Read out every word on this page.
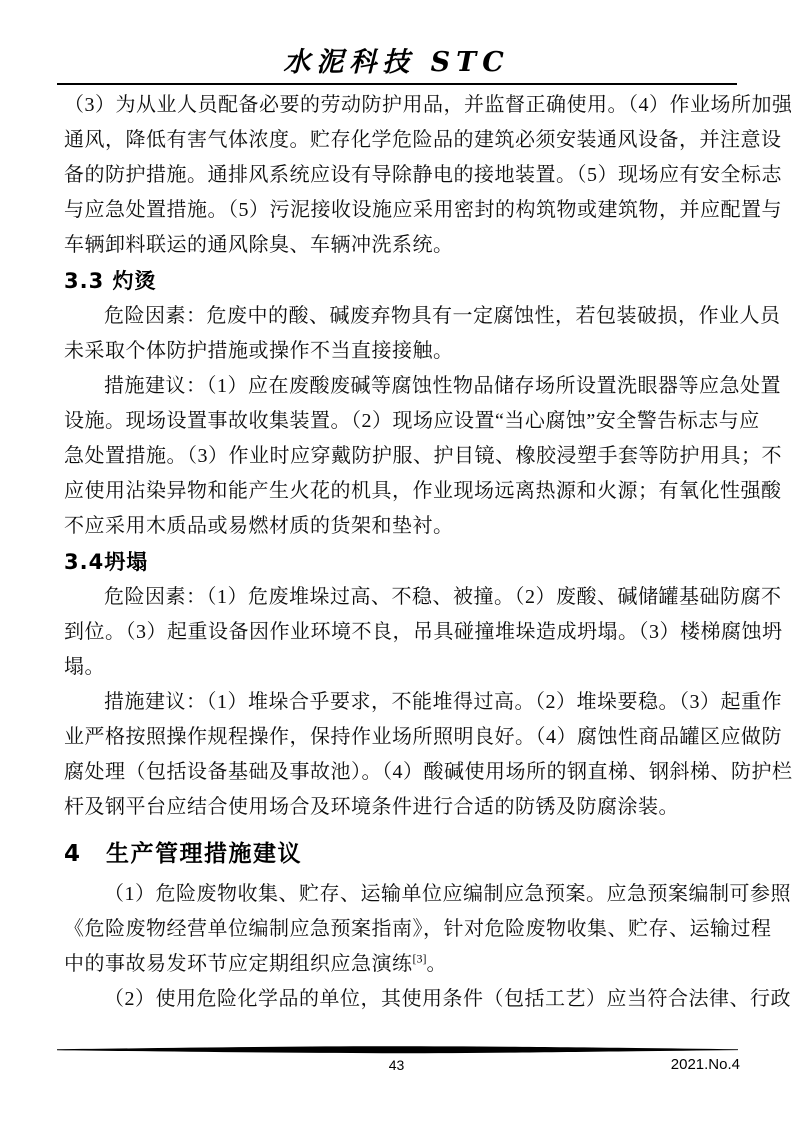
水泥科技 STC
（3）为从业人员配备必要的劳动防护用品，并监督正确使用。（4）作业场所加强
通风，降低有害气体浓度。贮存化学危险品的建筑必须安装通风设备，并注意设
备的防护措施。通排风系统应设有导除静电的接地装置。（5）现场应有安全标志
与应急处置措施。（5）污泥接收设施应采用密封的构筑物或建筑物，并应配置与
车辆卸料联运的通风除臭、车辆冲洗系统。
3.3 灼烫
危险因素：危废中的酸、碱废弃物具有一定腐蚀性，若包装破损，作业人员
未采取个体防护措施或操作不当直接接触。
措施建议：（1）应在废酸废碱等腐蚀性物品储存场所设置洗眼器等应急处置
设施。现场设置事故收集装置。（2）现场应设置“当心腐蚀”安全警告标志与应
急处置措施。（3）作业时应穿戴防护服、护目镜、橡胶浸塑手套等防护用具；不
应使用沾染异物和能产生火花的机具，作业现场远离热源和火源；有氧化性强酸
不应采用木质品或易燃材质的货架和垫衬。
3.4坍塌
危险因素：（1）危废堆垛过高、不稳、被撞。（2）废酸、碱储罐基础防腐不
到位。（3）起重设备因作业环境不良，吊具碰撞堆垛造成坍塌。（3）楼梯腐蚀坍
塌。
措施建议：（1）堆垛合乎要求，不能堆得过高。（2）堆垛要稳。（3）起重作
业严格按照操作规程操作，保持作业场所照明良好。（4）腐蚀性商品罐区应做防
腐处理（包括设备基础及事故池）。（4）酸碱使用场所的钢直梯、钢斜梯、防护栏
杆及钢平台应结合使用场合及环境条件进行合适的防锈及防腐涂装。
4　生产管理措施建议
（1）危险废物收集、贮存、运输单位应编制应急预案。应急预案编制可参照
《危险废物经营单位编制应急预案指南》，针对危险废物收集、贮存、运输过程
中的事故易发环节应定期组织应急演练[3]。
（2）使用危险化学品的单位，其使用条件（包括工艺）应当符合法律、行政
43	2021.No.4
